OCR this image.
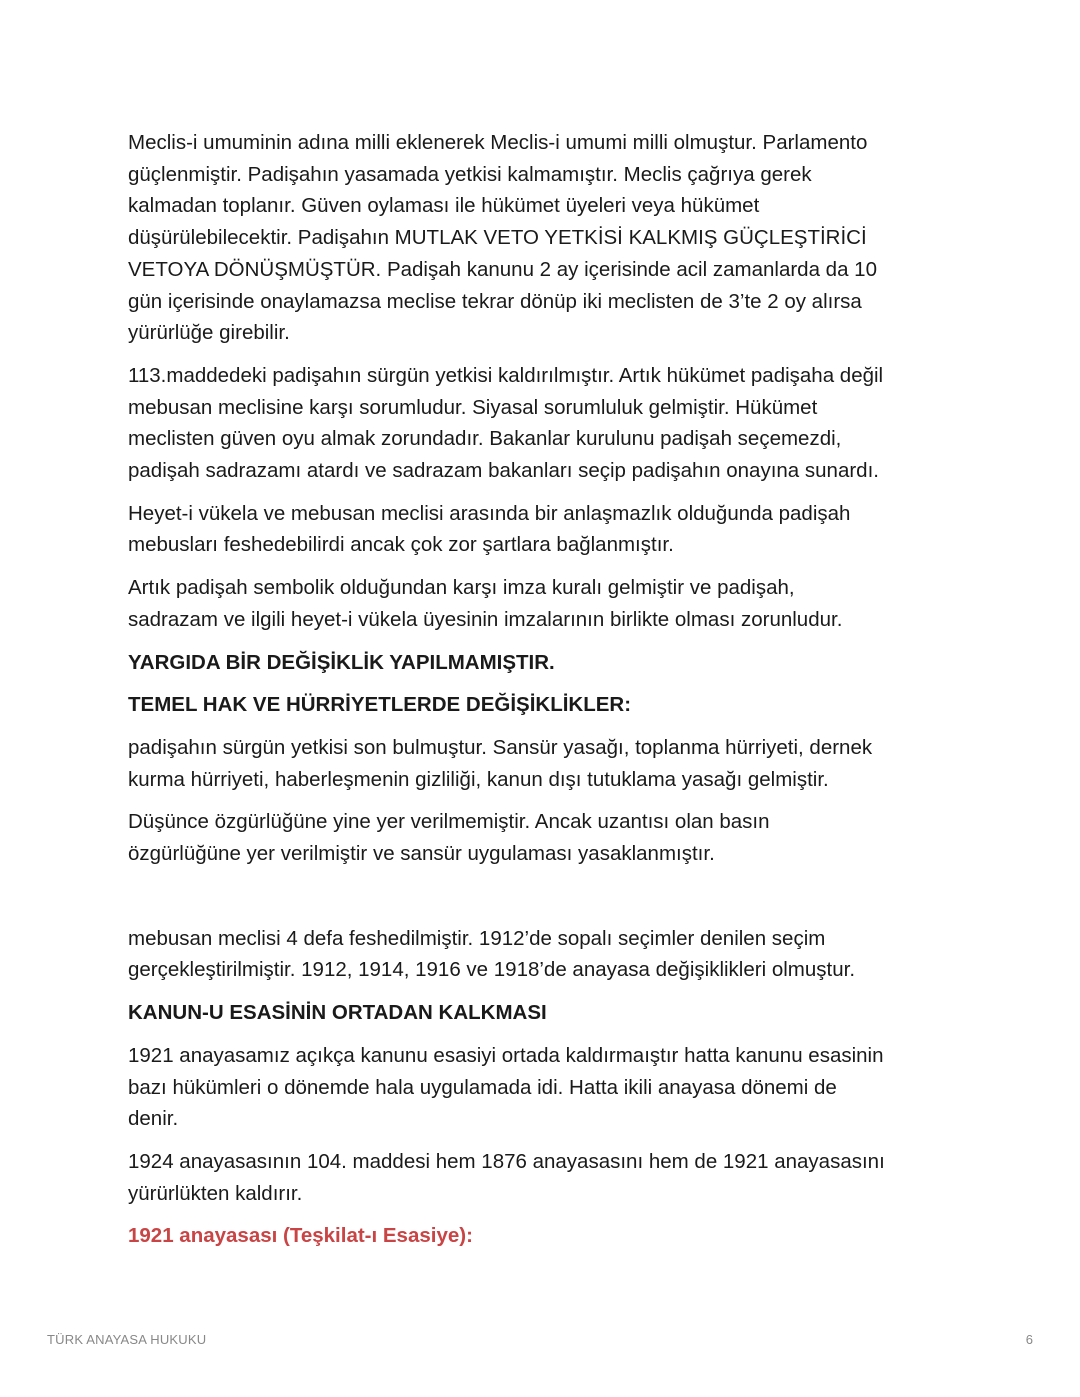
Meclis-i umuminin adına milli eklenerek Meclis-i umumi milli olmuştur. Parlamento
güçlenmiştir. Padişahın yasamada yetkisi kalmamıştır. Meclis çağrıya gerek
kalmadan toplanır. Güven oylaması ile hükümet üyeleri veya hükümet
düşürülebilecektir. Padişahın MUTLAK VETO YETKİSİ KALKMIŞ GÜÇLEŞTİRİCİ
VETOYA DÖNÜŞMÜŞTÜR. Padişah kanunu 2 ay içerisinde acil zamanlarda da 10
gün içerisinde onaylamazsa meclise tekrar dönüp iki meclisten de 3’te 2 oy alırsa
yürürlüğe girebilir.
113.maddedeki padişahın sürgün yetkisi kaldırılmıştır. Artık hükümet padişaha değil
mebusan meclisine karşı sorumludur. Siyasal sorumluluk gelmiştir. Hükümet
meclisten güven oyu almak zorundadır. Bakanlar kurulunu padişah seçemezdi,
padişah sadrazamı atardı ve sadrazam bakanları seçip padişahın onayına sunardı.
Heyet-i vükela ve mebusan meclisi arasında bir anlaşmazlık olduğunda padişah
mebusları feshedebilirdi ancak çok zor şartlara bağlanmıştır.
Artık padişah sembolik olduğundan karşı imza kuralı gelmiştir ve padişah,
sadrazam ve ilgili heyet-i vükela üyesinin imzalarının birlikte olması zorunludur.
YARGIDA BİR DEĞİŞİKLİK YAPILMAMIŞTIR.
TEMEL HAK VE HÜRRİYETLERDE DEĞİŞİKLİKLER:
padişahın sürgün yetkisi son bulmuştur. Sansür yasağı, toplanma hürriyeti, dernek
kurma hürriyeti, haberleşmenin gizliliği, kanun dışı tutuklama yasağı gelmiştir.
Düşünce özgürlüğüne yine yer verilmemiştir. Ancak uzantısı olan basın
özgürlüğüne yer verilmiştir ve sansür uygulaması yasaklanmıştır.
mebusan meclisi 4 defa feshedilmiştir. 1912’de sopalı seçimler denilen seçim
gerçekleştirilmiştir. 1912, 1914, 1916 ve 1918’de anayasa değişiklikleri olmuştur.
KANUN-U ESASİNİN ORTADAN KALKMASI
1921 anayasamız açıkça kanunu esasiyi ortada kaldırmaıştır hatta kanunu esasinin
bazı hükümleri o dönemde hala uygulamada idi. Hatta ikili anayasa dönemi de
denir.
1924 anayasasının 104. maddesi hem 1876 anayasasını hem de 1921 anayasasını
yürürlükten kaldırır.
1921 anayasası (Teşkilat-ı Esasiye):
TÜRK ANAYASA HUKUKU	6
